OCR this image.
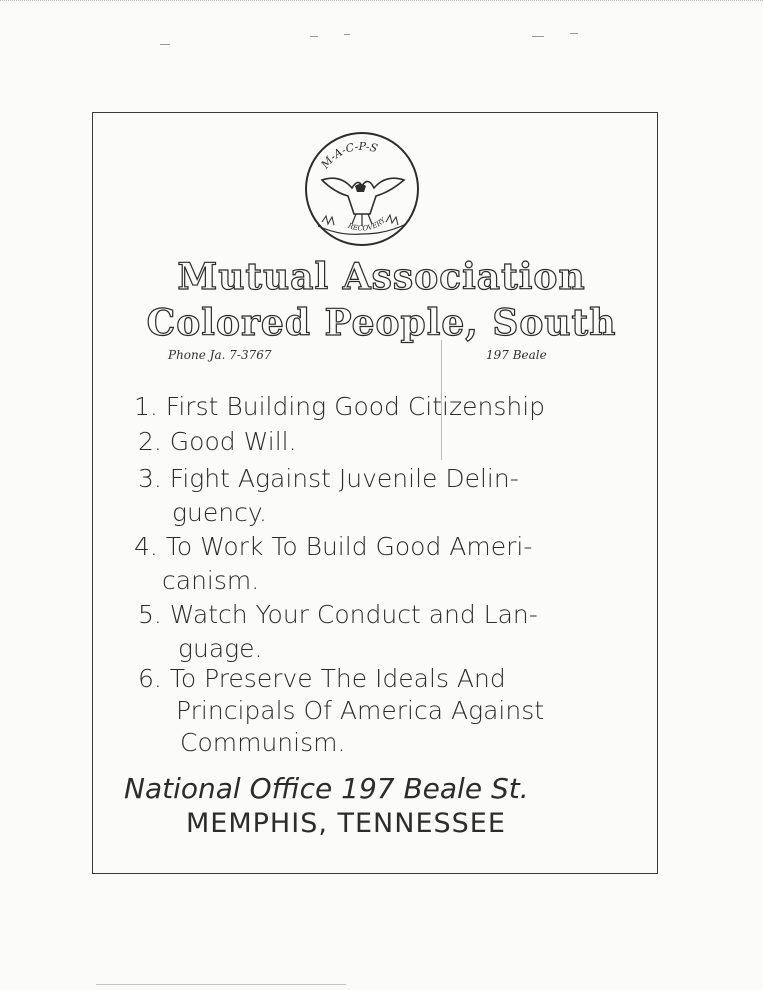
M-A-C-P-S
RECOVERY
Mutual Association
Colored People, South
Phone Ja. 7-3767	197 Beale
1. First Building Good Citizenship
2. Good Will.
3. Fight Against Juvenile Delin-
guency.
4. To Work To Build Good Ameri-
canism.
5. Watch Your Conduct and Lan-
guage.
6. To Preserve The Ideals And
Principals Of America Against
Communism.
National Office 197 Beale St.
MEMPHIS, TENNESSEE
